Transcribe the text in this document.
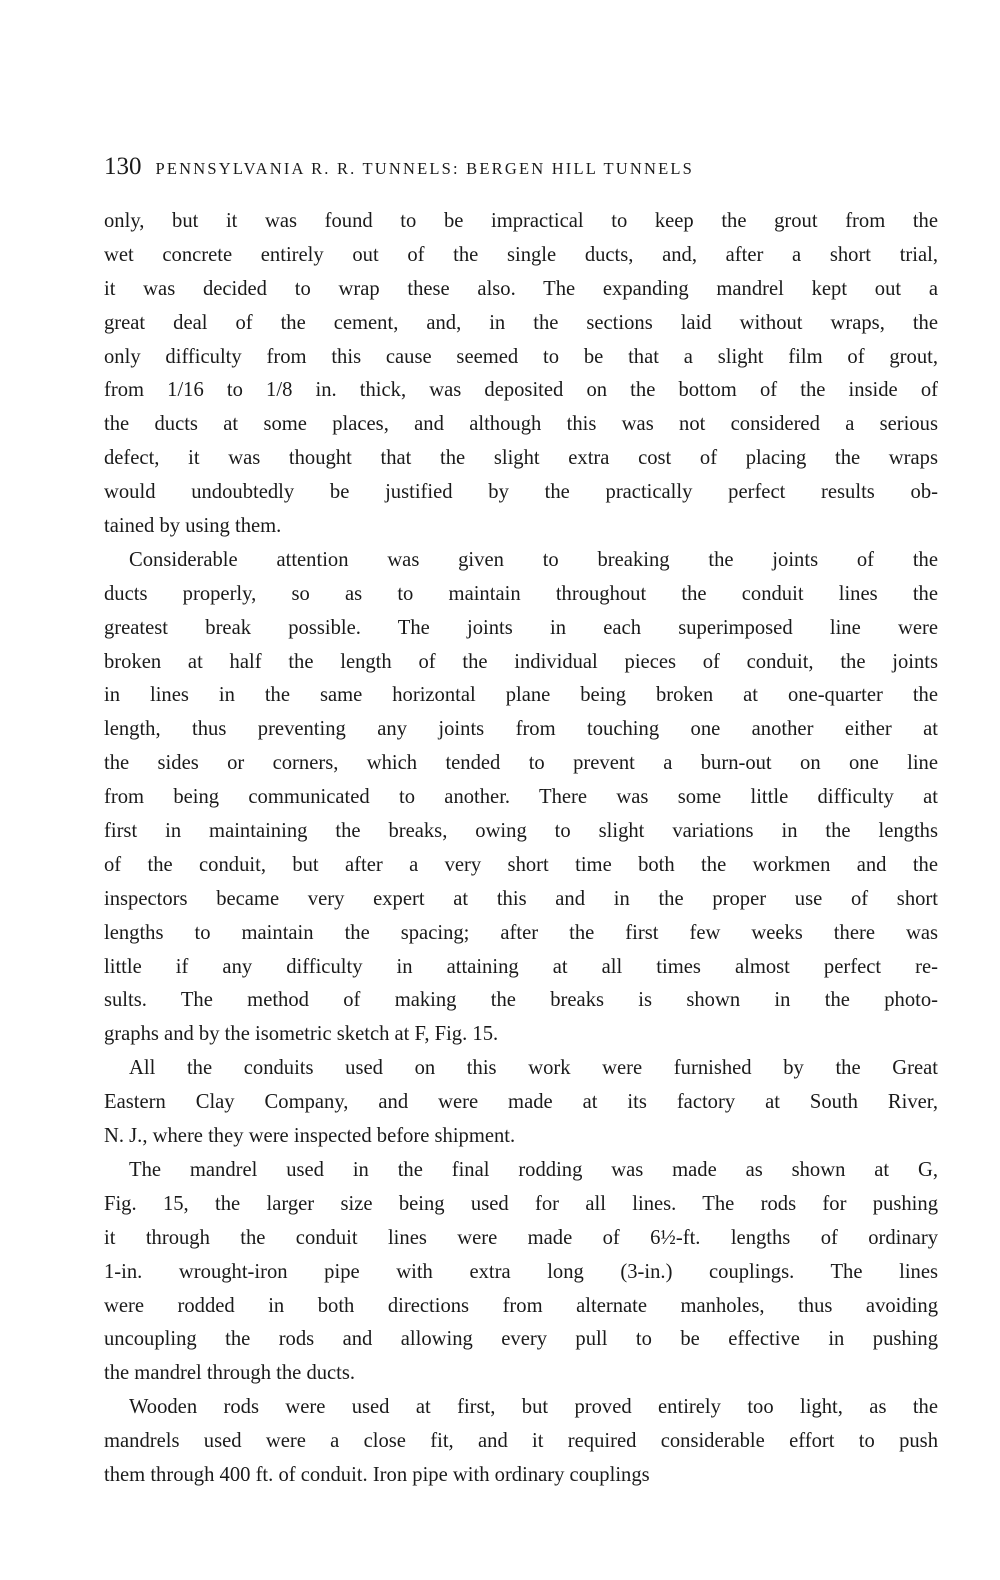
130 PENNSYLVANIA R. R. TUNNELS: BERGEN HILL TUNNELS
only, but it was found to be impractical to keep the grout from the
wet concrete entirely out of the single ducts, and, after a short trial,
it was decided to wrap these also. The expanding mandrel kept out a
great deal of the cement, and, in the sections laid without wraps, the
only difficulty from this cause seemed to be that a slight film of grout,
from 1/16 to 1/8 in. thick, was deposited on the bottom of the inside of
the ducts at some places, and although this was not considered a serious
defect, it was thought that the slight extra cost of placing the wraps
would undoubtedly be justified by the practically perfect results ob-
tained by using them.
Considerable attention was given to breaking the joints of the
ducts properly, so as to maintain throughout the conduit lines the
greatest break possible. The joints in each superimposed line were
broken at half the length of the individual pieces of conduit, the joints
in lines in the same horizontal plane being broken at one-quarter the
length, thus preventing any joints from touching one another either at
the sides or corners, which tended to prevent a burn-out on one line
from being communicated to another. There was some little difficulty at
first in maintaining the breaks, owing to slight variations in the lengths
of the conduit, but after a very short time both the workmen and the
inspectors became very expert at this and in the proper use of short
lengths to maintain the spacing; after the first few weeks there was
little if any difficulty in attaining at all times almost perfect re-
sults. The method of making the breaks is shown in the photo-
graphs and by the isometric sketch at F, Fig. 15.
All the conduits used on this work were furnished by the Great
Eastern Clay Company, and were made at its factory at South River,
N. J., where they were inspected before shipment.
The mandrel used in the final rodding was made as shown at G,
Fig. 15, the larger size being used for all lines. The rods for pushing
it through the conduit lines were made of 6½-ft. lengths of ordinary
1-in. wrought-iron pipe with extra long (3-in.) couplings. The lines
were rodded in both directions from alternate manholes, thus avoiding
uncoupling the rods and allowing every pull to be effective in pushing
the mandrel through the ducts.
Wooden rods were used at first, but proved entirely too light, as the
mandrels used were a close fit, and it required considerable effort to push
them through 400 ft. of conduit. Iron pipe with ordinary couplings
